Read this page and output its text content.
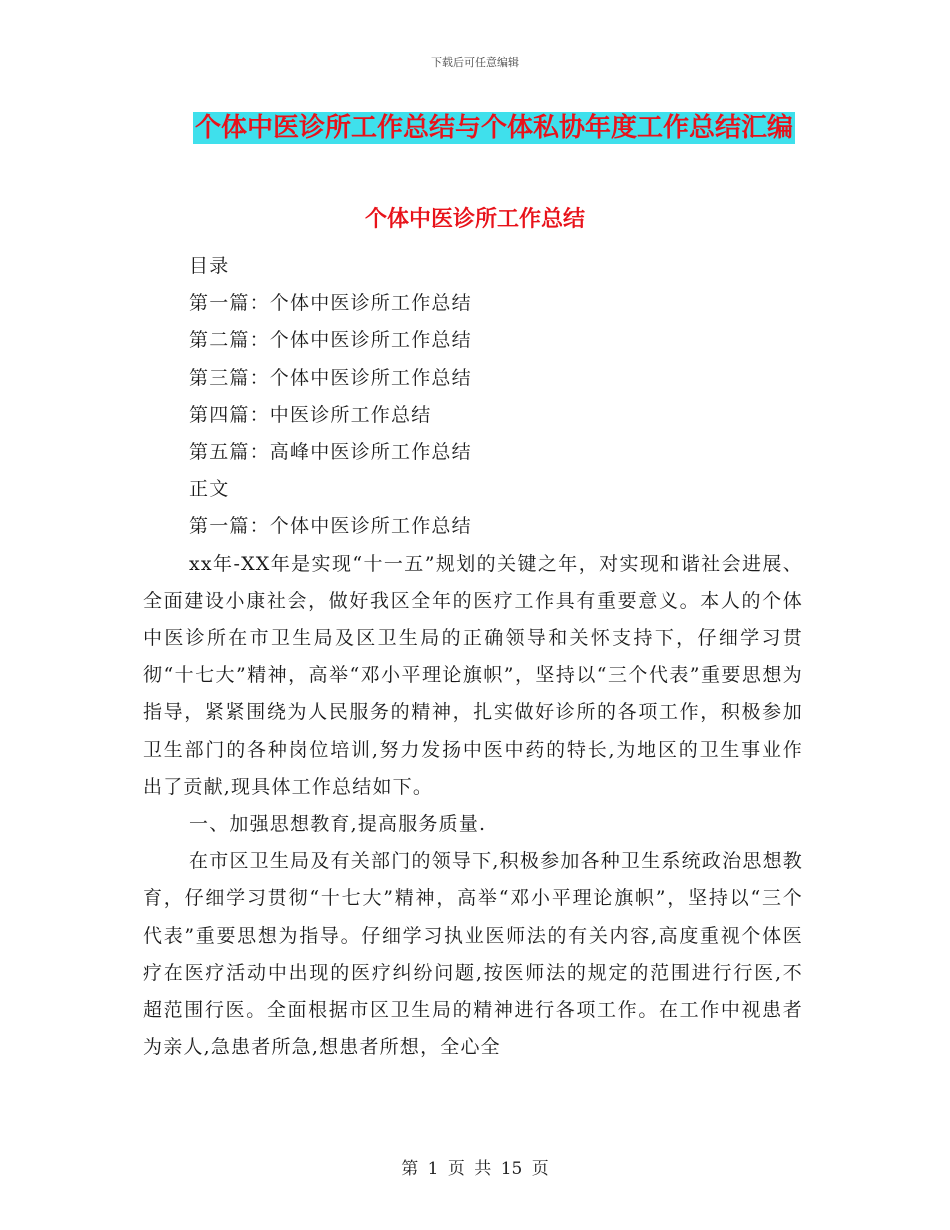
下载后可任意编辑
个体中医诊所工作总结与个体私协年度工作总结汇编
个体中医诊所工作总结

目录

第一篇：个体中医诊所工作总结

第二篇：个体中医诊所工作总结

第三篇：个体中医诊所工作总结

第四篇：中医诊所工作总结

第五篇：高峰中医诊所工作总结

正文

第一篇：个体中医诊所工作总结

xx年-XX年是实现“十一五”规划的关键之年，对实现和谐社会进展、全面建设小康社会，做好我区全年的医疗工作具有重要意义。本人的个体中医诊所在市卫生局及区卫生局的正确领导和关怀支持下，仔细学习贯彻“十七大”精神，高举“邓小平理论旗帜”，坚持以“三个代表”重要思想为指导，紧紧围绕为人民服务的精神，扎实做好诊所的各项工作，积极参加卫生部门的各种岗位培训,努力发扬中医中药的特长,为地区的卫生事业作出了贡献,现具体工作总结如下。

一、加强思想教育,提高服务质量.

在市区卫生局及有关部门的领导下,积极参加各种卫生系统政治思想教育，仔细学习贯彻“十七大”精神，高举“邓小平理论旗帜”，坚持以“三个代表”重要思想为指导。仔细学习执业医师法的有关内容,高度重视个体医疗在医疗活动中出现的医疗纠纷问题,按医师法的规定的范围进行行医,不超范围行医。全面根据市区卫生局的精神进行各项工作。在工作中视患者为亲人,急患者所急,想患者所想，全心全

第 1 页 共 15 页
